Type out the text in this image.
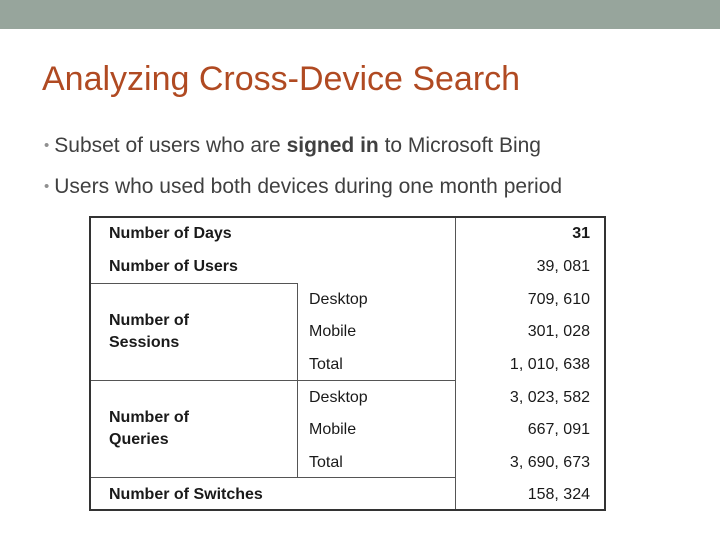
Analyzing Cross-Device Search
• Subset of users who are signed in to Microsoft Bing
• Users who used both devices during one month period
Number of Days	31
Number of Users	39, 081
Number of Sessions
Desktop	709, 610
Mobile	301, 028
Total	1, 010, 638
Number of Queries
Desktop	3, 023, 582
Mobile	667, 091
Total	3, 690, 673
Number of Switches	158, 324
